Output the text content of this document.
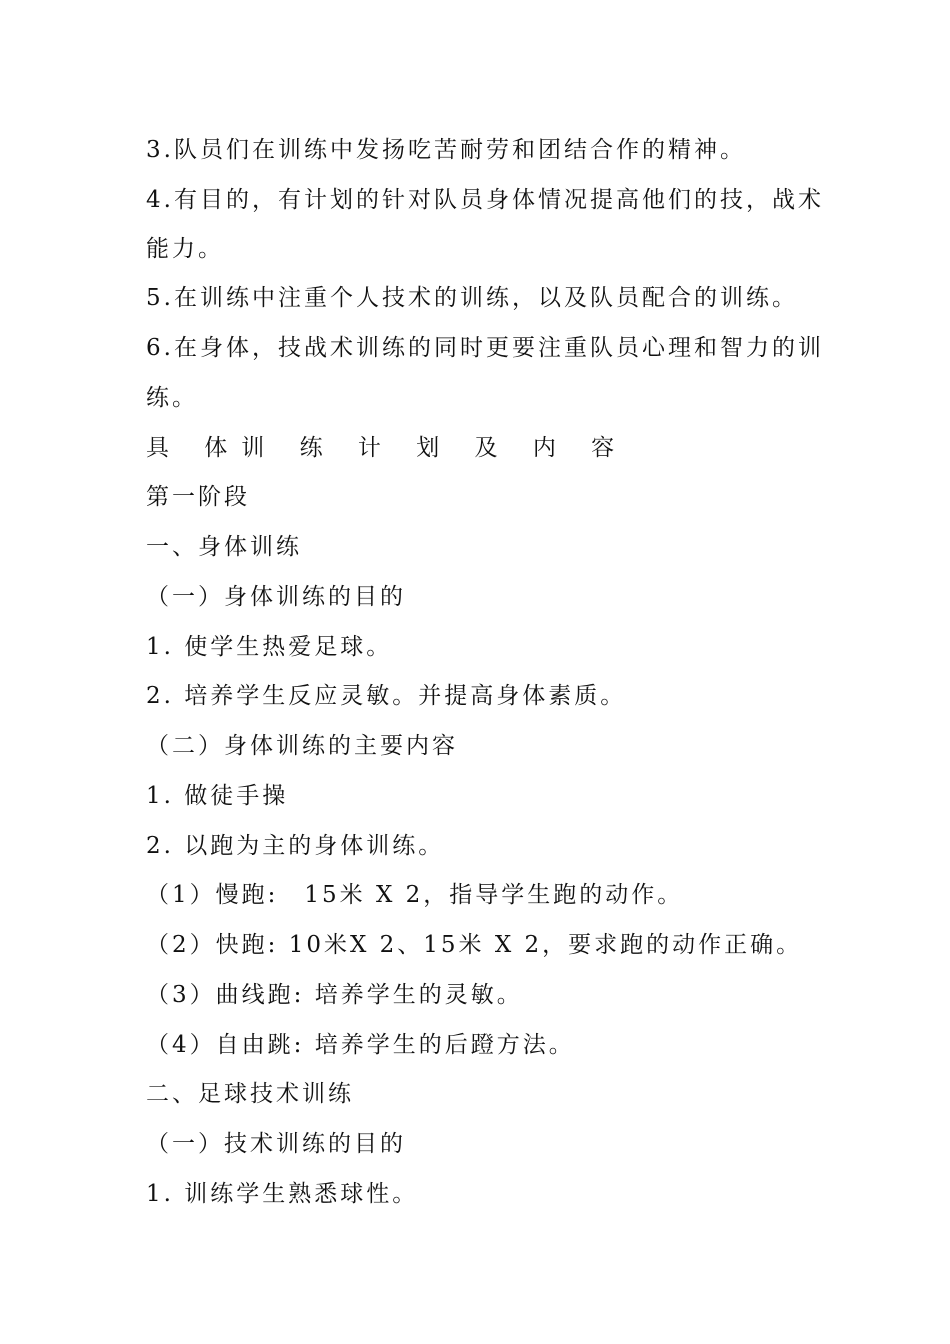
3.队员们在训练中发扬吃苦耐劳和团结合作的精神。
4.有目的，有计划的针对队员身体情况提高他们的技，战术
能力。
5.在训练中注重个人技术的训练，以及队员配合的训练。
6.在身体，技战术训练的同时更要注重队员心理和智力的训
练。
具 体训 练 计 划 及 内 容
第一阶段
一、身体训练
（一）身体训练的目的
1. 使学生热爱足球。
2. 培养学生反应灵敏。并提高身体素质。
（二）身体训练的主要内容
1. 做徒手操
2. 以跑为主的身体训练。
（1）慢跑:　15米 X 2，指导学生跑的动作。
（2）快跑: 10米X 2、15米 X 2，要求跑的动作正确。
（3）曲线跑: 培养学生的灵敏。
（4）自由跳: 培养学生的后蹬方法。
二、足球技术训练
（一）技术训练的目的
1. 训练学生熟悉球性。
